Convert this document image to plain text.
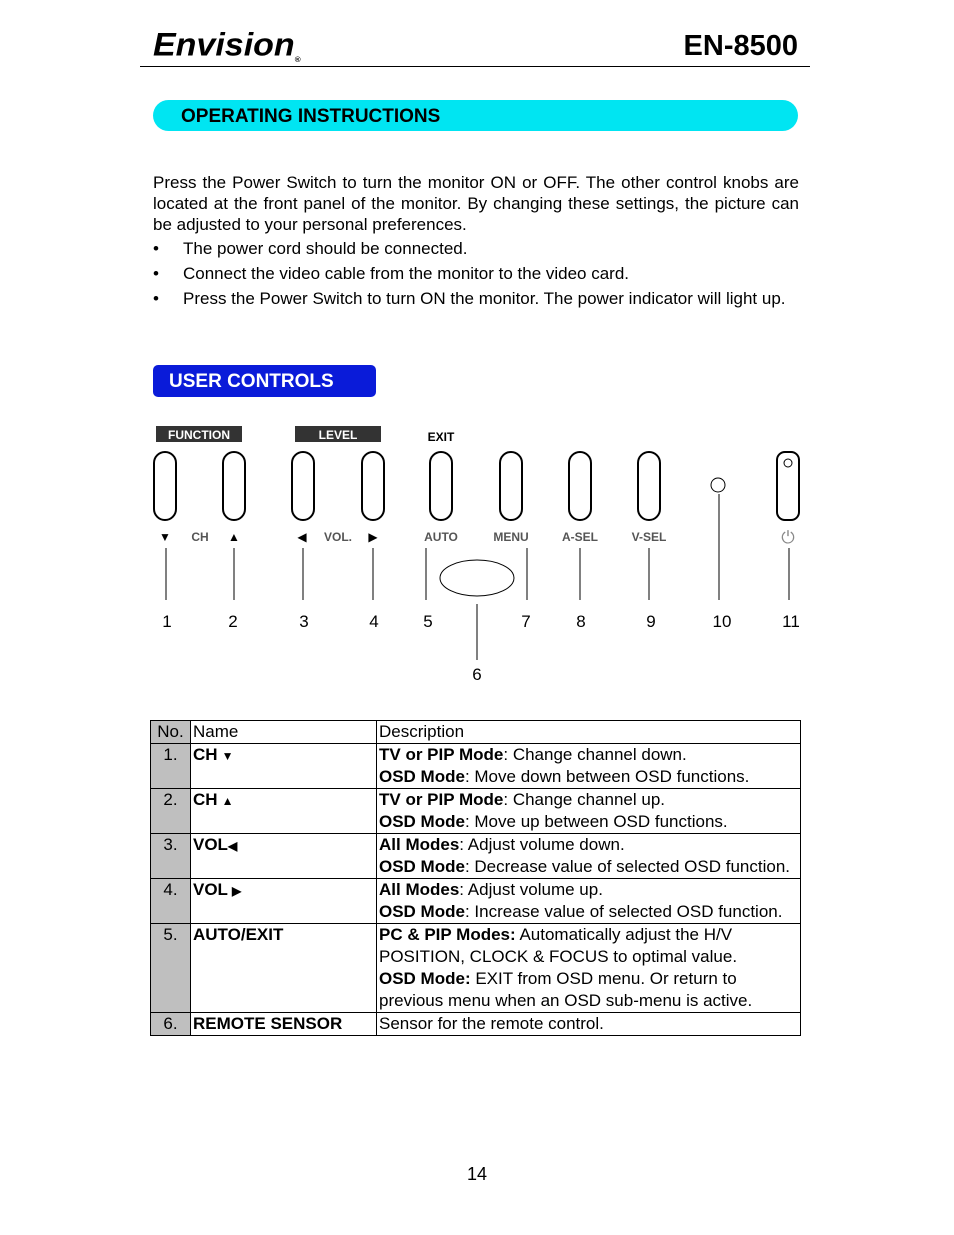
Envision®	EN-8500
OPERATING INSTRUCTIONS
Press the Power Switch to turn the monitor ON or OFF. The other control knobs are located at the front panel of the monitor. By changing these settings, the picture can be adjusted to your personal preferences.
• The power cord should be connected.
• Connect the video cable from the monitor to the video card.
• Press the Power Switch to turn ON the monitor. The power indicator will light up.
USER CONTROLS
FUNCTION	LEVEL	EXIT
▼	▲	◀	▶	⏻
CH	VOL.	AUTO	MENU	A-SEL	V-SEL
1	2	3	4	5
6
7	8	9	10	11
No.	Name	Description
1.	CH ▼	TV or PIP Mode: Change channel down.
OSD Mode: Move down between OSD functions.

2.	CH ▲	TV or PIP Mode: Change channel up.
OSD Mode: Move up between OSD functions.

3.	VOL◀	All Modes: Adjust volume down.
OSD Mode: Decrease value of selected OSD function.

4.	VOL ▶	All Modes: Adjust volume up.
OSD Mode: Increase value of selected OSD function.

5.	AUTO/EXIT	PC & PIP Modes: Automatically adjust the H/V POSITION, CLOCK & FOCUS to optimal value.
OSD Mode: EXIT from OSD menu. Or return to previous menu when an OSD sub-menu is active.

6.	REMOTE SENSOR	Sensor for the remote control.
14
